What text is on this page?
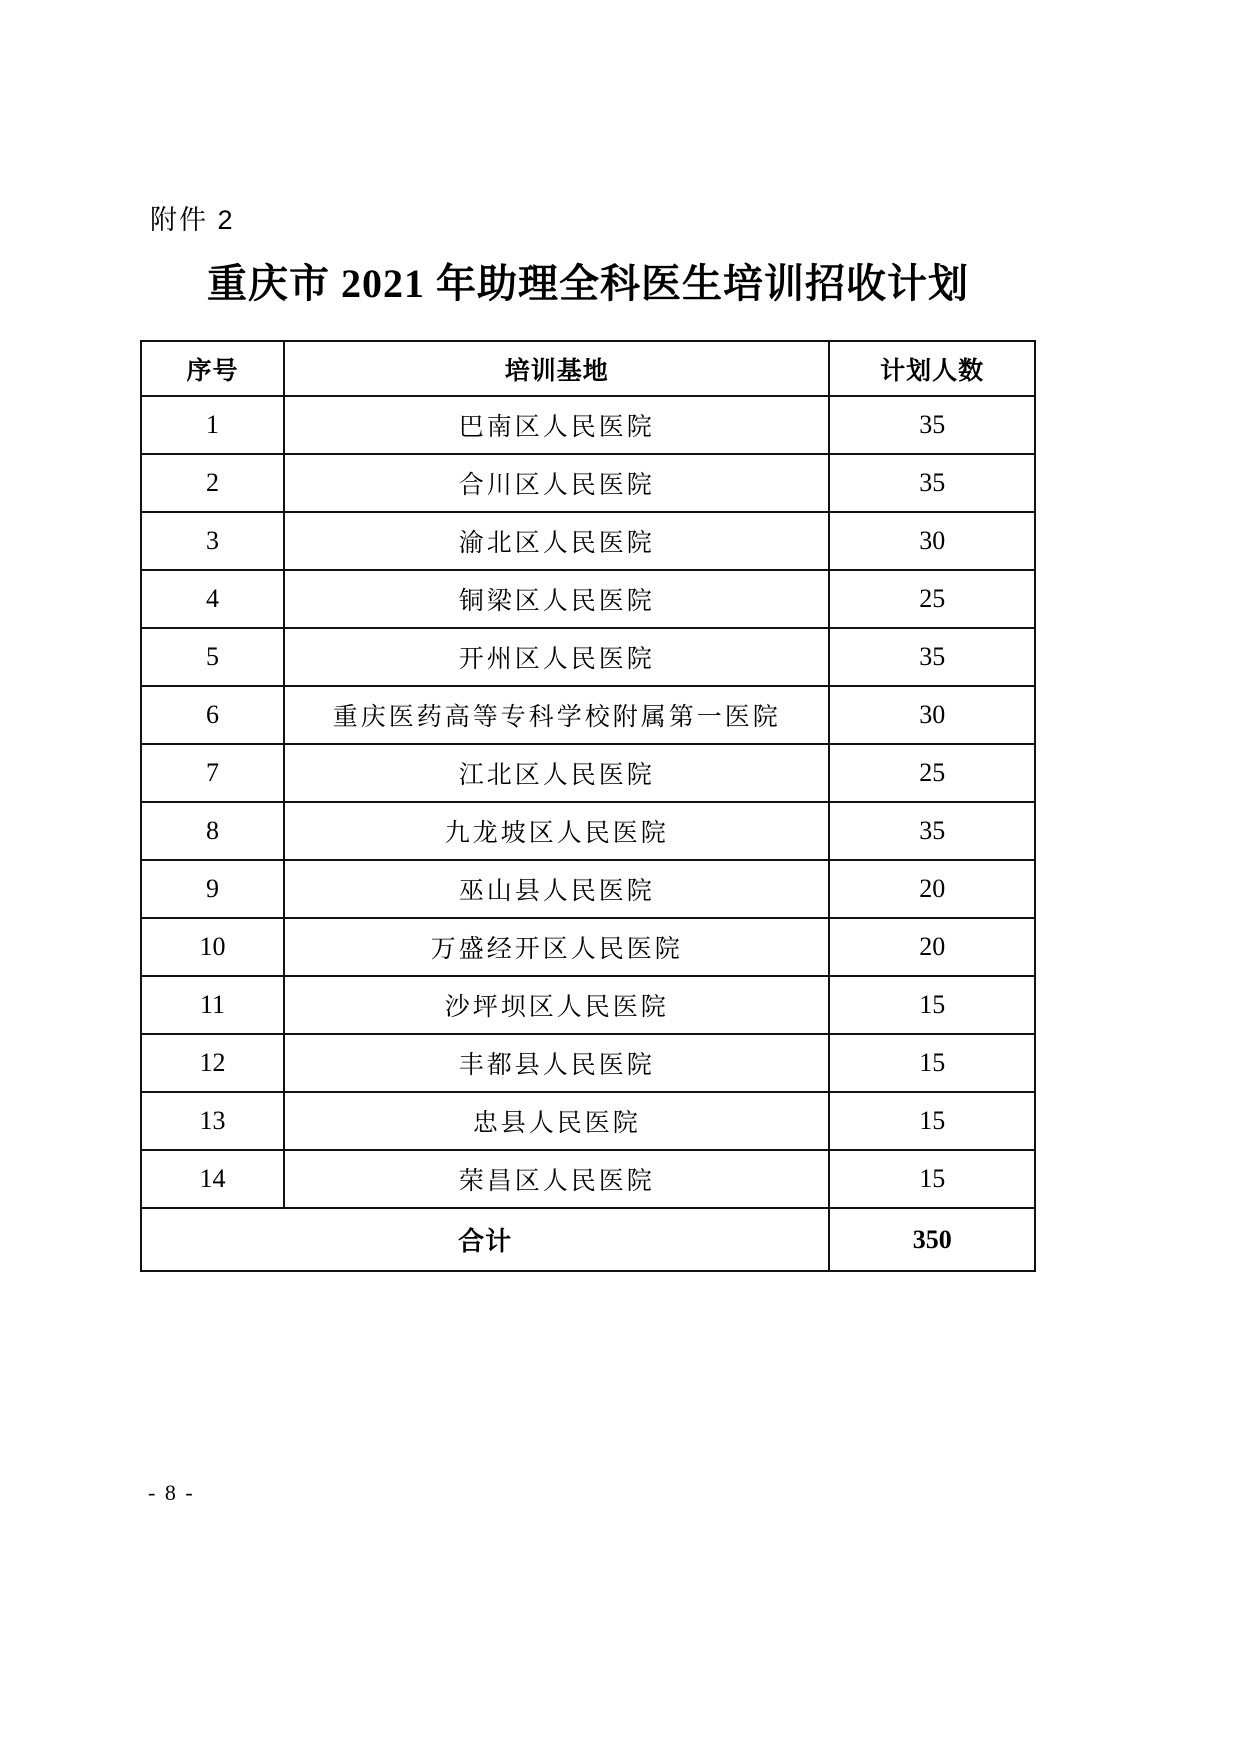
附件 2
重庆市 2021 年助理全科医生培训招收计划
序号	培训基地	计划人数
1	巴南区人民医院	35
2	合川区人民医院	35
3	渝北区人民医院	30
4	铜梁区人民医院	25
5	开州区人民医院	35
6	重庆医药高等专科学校附属第一医院	30
7	江北区人民医院	25
8	九龙坡区人民医院	35
9	巫山县人民医院	20
10	万盛经开区人民医院	20
11	沙坪坝区人民医院	15
12	丰都县人民医院	15
13	忠县人民医院	15
14	荣昌区人民医院	15
合计		350
- 8 -
